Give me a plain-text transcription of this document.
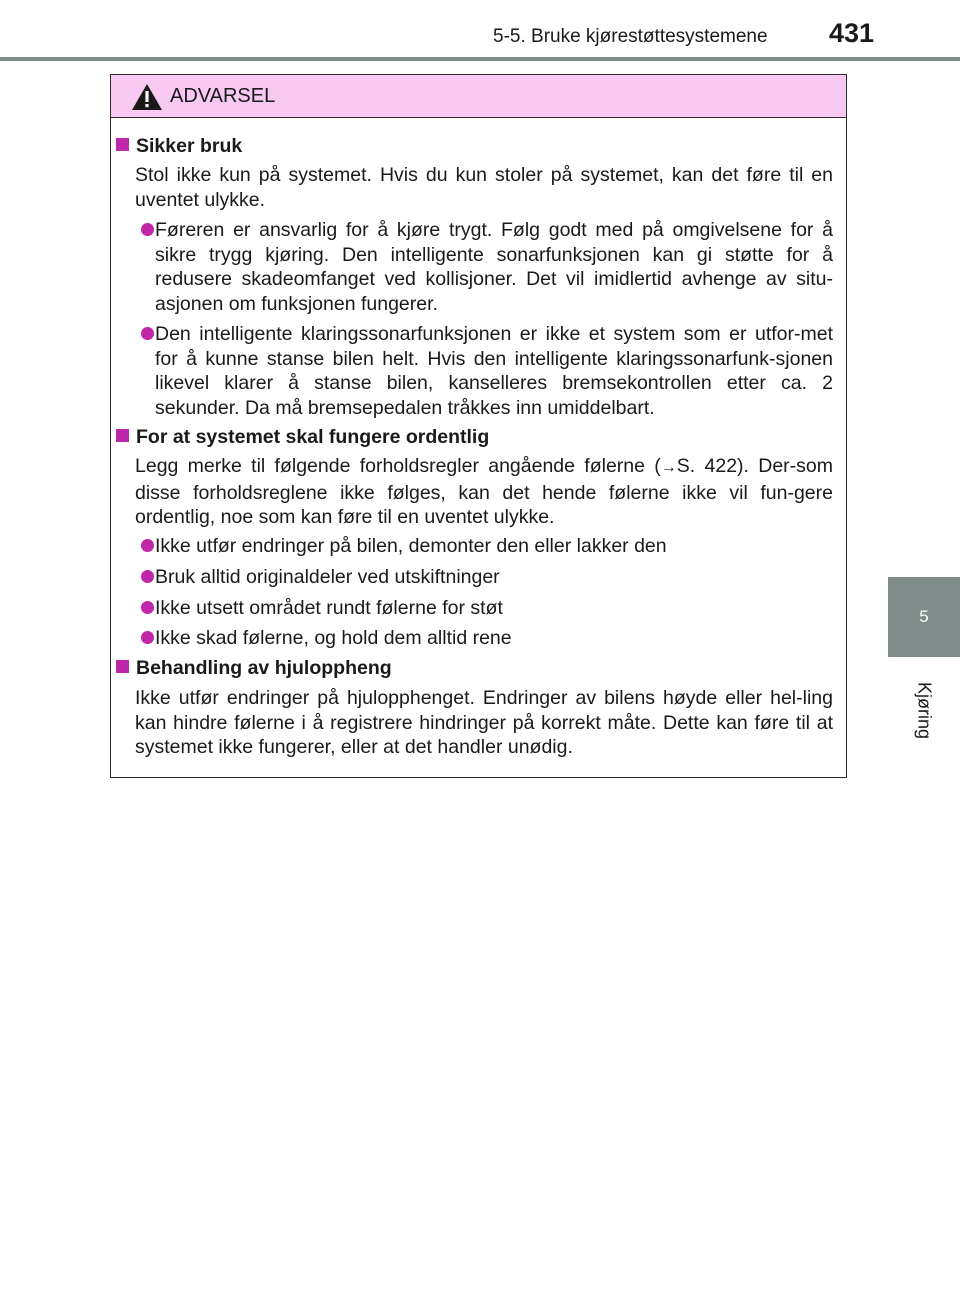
5-5. Bruke kjørestøttesystemene 431
5
Kjøring
ADVARSEL
Sikker bruk
Stol ikke kun på systemet. Hvis du kun stoler på systemet, kan det føre til en uventet ulykke.
Føreren er ansvarlig for å kjøre trygt. Følg godt med på omgivelsene for å sikre trygg kjøring. Den intelligente sonarfunksjonen kan gi støtte for å redusere skadeomfanget ved kollisjoner. Det vil imidlertid avhenge av situ-asjonen om funksjonen fungerer.
Den intelligente klaringssonarfunksjonen er ikke et system som er utfor-met for å kunne stanse bilen helt. Hvis den intelligente klaringssonarfunk-sjonen likevel klarer å stanse bilen, kanselleres bremsekontrollen etter ca. 2 sekunder. Da må bremsepedalen tråkkes inn umiddelbart.
For at systemet skal fungere ordentlig
Legg merke til følgende forholdsregler angående følerne (→S. 422). Der-som disse forholdsreglene ikke følges, kan det hende følerne ikke vil fun-gere ordentlig, noe som kan føre til en uventet ulykke.
Ikke utfør endringer på bilen, demonter den eller lakker den
Bruk alltid originaldeler ved utskiftninger
Ikke utsett området rundt følerne for støt
Ikke skad følerne, og hold dem alltid rene
Behandling av hjuloppheng
Ikke utfør endringer på hjulopphenget. Endringer av bilens høyde eller hel-ling kan hindre følerne i å registrere hindringer på korrekt måte. Dette kan føre til at systemet ikke fungerer, eller at det handler unødig.
